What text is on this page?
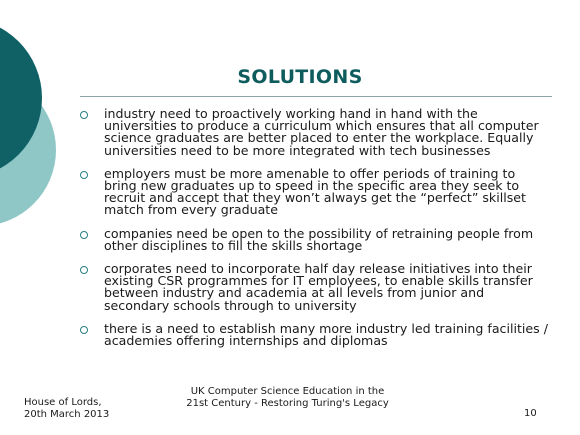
SOLUTIONS
industry need to proactively working hand in hand with the universities to produce a curriculum which ensures that all computer science graduates are better placed to enter the workplace. Equally universities need to be more integrated with tech businesses
employers must be more amenable to offer periods of training to bring new graduates up to speed in the specific area they seek to recruit and accept that they won’t always get the “perfect” skillset match from every graduate
companies need be open to the possibility of retraining people from other disciplines to fill the skills shortage
corporates need to incorporate half day release initiatives into their existing CSR programmes for IT employees, to enable skills transfer between industry and academia at all levels from junior and secondary schools through to university
there is a need to establish many more industry led training facilities / academies offering internships and diplomas
House of Lords,
20th March 2013
UK Computer Science Education in the 21st Century - Restoring Turing's Legacy
10
